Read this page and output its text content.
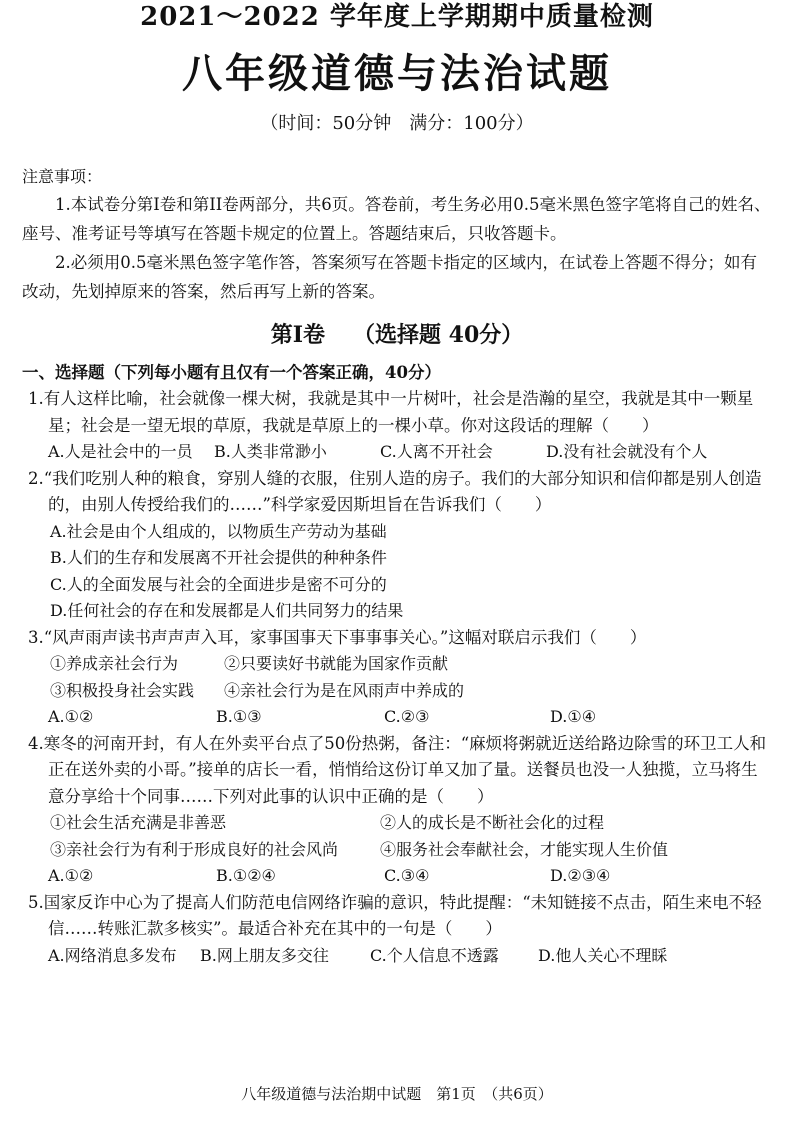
2021～2022 学年度上学期期中质量检测
八年级道德与法治试题
（时间：50分钟　满分：100分）
注意事项：
1.本试卷分第Ⅰ卷和第II卷两部分，共6页。答卷前，考生务必用0.5毫米黑色签字笔将自己的姓名、座号、准考证号等填写在答题卡规定的位置上。答题结束后，只收答题卡。
2.必须用0.5毫米黑色签字笔作答，答案须写在答题卡指定的区域内，在试卷上答题不得分；如有改动，先划掉原来的答案，然后再写上新的答案。
第Ⅰ卷 （选择题 40分）
一、选择题（下列每小题有且仅有一个答案正确，40分）
1.有人这样比喻，社会就像一棵大树，我就是其中一片树叶，社会是浩瀚的星空，我就是其中一颗星星；社会是一望无垠的草原，我就是草原上的一棵小草。你对这段话的理解（　　）
A.人是社会中的一员	B.人类非常渺小	C.人离不开社会	D.没有社会就没有个人
2.“我们吃别人种的粮食，穿别人缝的衣服，住别人造的房子。我们的大部分知识和信仰都是别人创造的，由别人传授给我们的……”科学家爱因斯坦旨在告诉我们（　　）
A.社会是由个人组成的，以物质生产劳动为基础
B.人们的生存和发展离不开社会提供的种种条件
C.人的全面发展与社会的全面进步是密不可分的
D.任何社会的存在和发展都是人们共同努力的结果
3.“风声雨声读书声声声入耳，家事国事天下事事事关心。”这幅对联启示我们（　　）
①养成亲社会行为	②只要读好书就能为国家作贡献
③积极投身社会实践	④亲社会行为是在风雨声中养成的
A.①②	B.①③	C.②③	D.①④
4.寒冬的河南开封，有人在外卖平台点了50份热粥，备注：“麻烦将粥就近送给路边除雪的环卫工人和正在送外卖的小哥。”接单的店长一看，悄悄给这份订单又加了量。送餐员也没一人独揽，立马将生意分享给十个同事……下列对此事的认识中正确的是（　　）
①社会生活充满是非善恶	②人的成长是不断社会化的过程
③亲社会行为有利于形成良好的社会风尚	④服务社会奉献社会，才能实现人生价值
A.①②	B.①②④	C.③④	D.②③④
5.国家反诈中心为了提高人们防范电信网络诈骗的意识，特此提醒：“未知链接不点击，陌生来电不轻信……转账汇款多核实”。最适合补充在其中的一句是（　　）
A.网络消息多发布	B.网上朋友多交往	C.个人信息不透露	D.他人关心不理睬
八年级道德与法治期中试题　第1页　（共6页）
